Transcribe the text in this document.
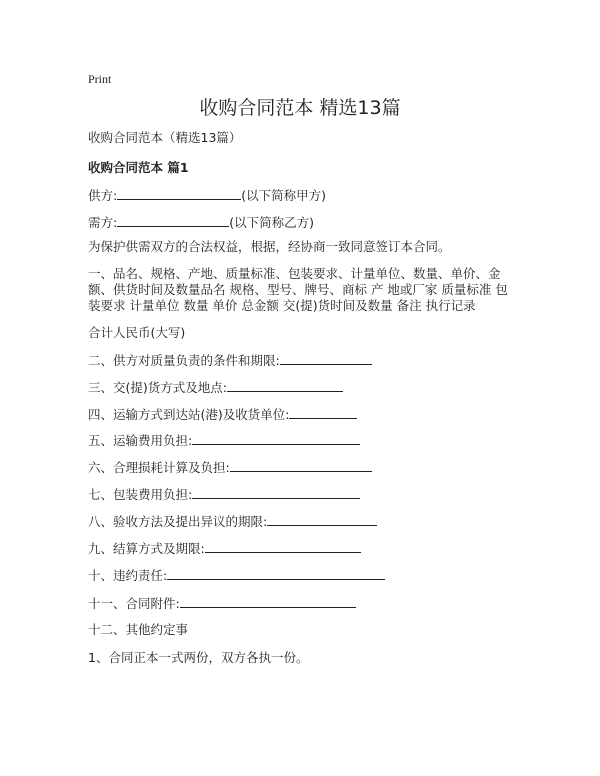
Print
收购合同范本 精选13篇
收购合同范本（精选13篇）
收购合同范本 篇1
供方:	(以下简称甲方)
需方:	(以下简称乙方)
为保护供需双方的合法权益，根据，经协商一致同意签订本合同。
一、品名、规格、产地、质量标准、包装要求、计量单位、数量、单价、金额、供货时间及数量品名 规格、型号、牌号、商标 产 地或厂家 质量标准 包装要求 计量单位 数量 单价 总金额 交(提)货时间及数量 备注 执行记录
合计人民币(大写)
二、供方对质量负责的条件和期限:
三、交(提)货方式及地点:
四、运输方式到达站(港)及收货单位:
五、运输费用负担:
六、合理损耗计算及负担:
七、包装费用负担:
八、验收方法及提出异议的期限:
九、结算方式及期限:
十、违约责任:
十一、合同附件:
十二、其他约定事
1、合同正本一式两份，双方各执一份。
